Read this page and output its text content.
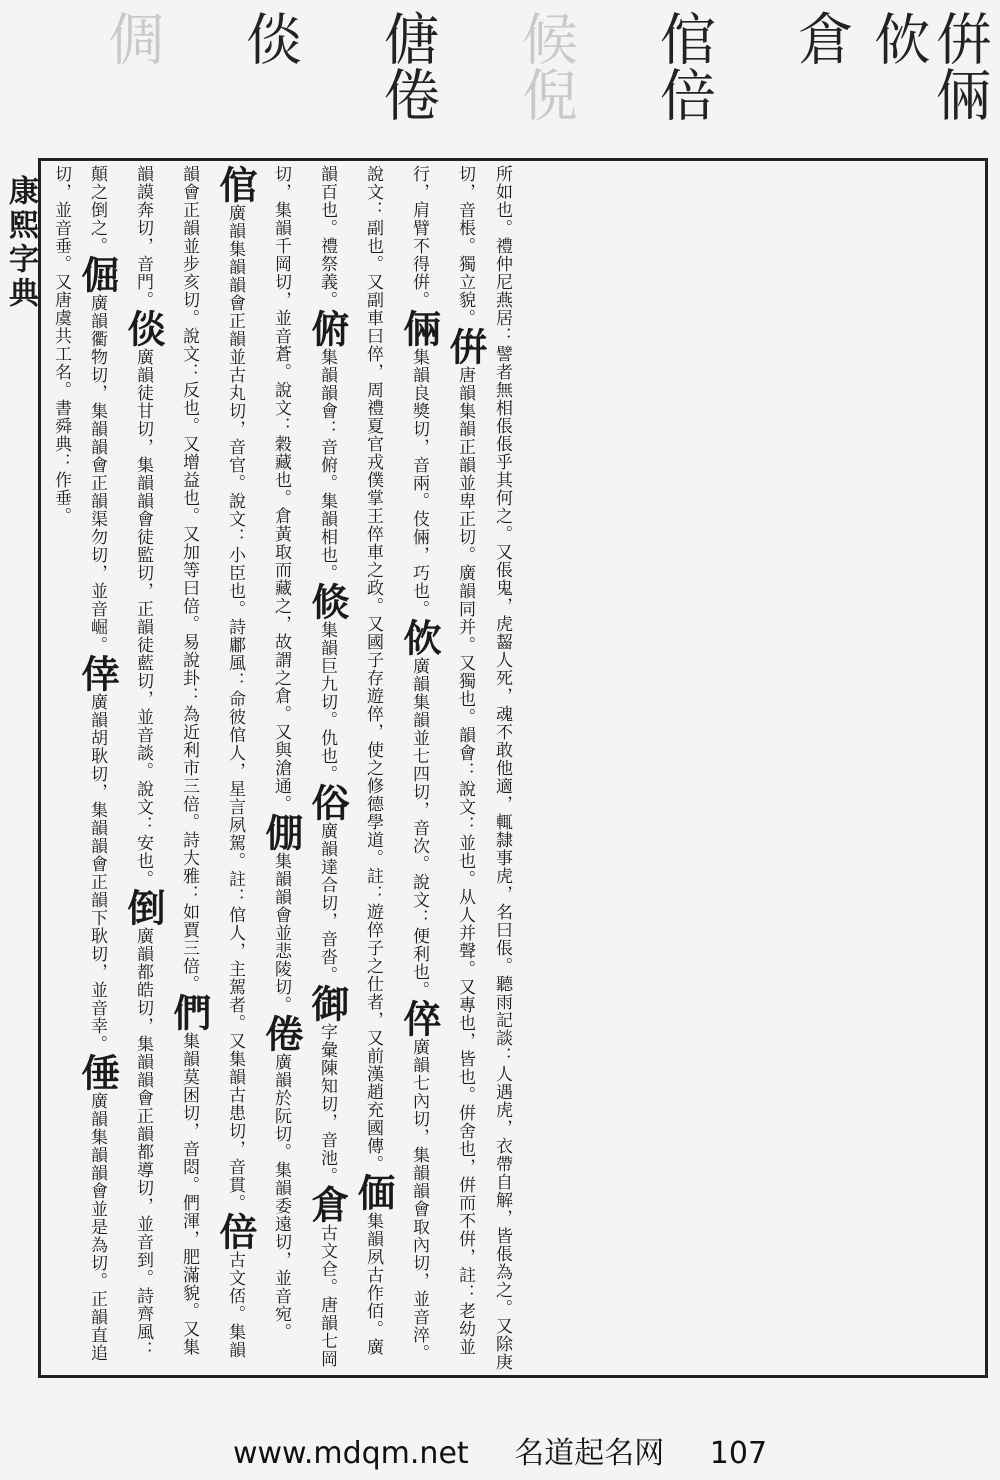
倂倆佽
倉
倌倍
候倪
傏倦
倓
倜
康熙字典	所如也。禮仲尼燕居：譬者無相倀倀乎其何之。又倀鬼，虎齧人死，魂不敢他適，輒隸事虎，名曰倀。聽雨記談：人遇虎，衣帶自解，皆倀為之。又除庚切，音棖。獨立貌。倂唐韻集韻正韻並卑正切。廣韻同并。又獨也。韻會：說文：並也。从人并聲。又專也，皆也。倂舍也，倂而不倂，註：老幼並行，肩臂不得倂。倆集韻良獎切，音兩。伎倆，巧也。佽廣韻集韻並七四切，音次。說文：便利也。倅廣韻七內切，集韻韻會取內切，並音淬。說文：副也。又副車曰倅，周禮夏官戎僕掌王倅車之政。又國子存遊倅，使之修德學道。註：遊倅子之仕者，又前漢趙充國傳。偭集韻夙古作佰。廣韻百也。禮祭義。俯集韻韻會：音俯。集韻相也。倐集韻巨九切。仇也。俗廣韻達合切，音沓。御字彙陳知切，音池。倉古文仺。唐韻七岡切，集韻千岡切，並音蒼。說文：穀藏也。倉黃取而藏之，故謂之倉。又與滄通。倗集韻韻會並悲陵切。倦廣韻於阮切。集韻委遠切，並音宛。倌廣韻集韻韻會正韻並古丸切，音官。說文：小臣也。詩鄘風：命彼倌人，星言夙駕。註：倌人，主駕者。又集韻古患切，音貫。倍古文俖。集韻韻會正韻並步亥切。說文：反也。又增益也。又加等曰倍。易說卦：為近利市三倍。詩大雅：如賈三倍。們集韻莫困切，音悶。們渾，肥滿貌。又集韻謨奔切，音門。倓廣韻徒甘切，集韻韻會徒監切，正韻徒藍切，並音談。說文：安也。倒廣韻都皓切，集韻韻會正韻都導切，並音到。詩齊風：顛之倒之。倔廣韻衢物切，集韻韻會正韻渠勿切，並音崛。倖廣韻胡耿切，集韻韻會正韻下耿切，並音幸。倕廣韻集韻韻會並是為切。正韻直追切，並音垂。又唐虞共工名。書舜典：作垂。
www.mdqm.net 名道起名网 107
